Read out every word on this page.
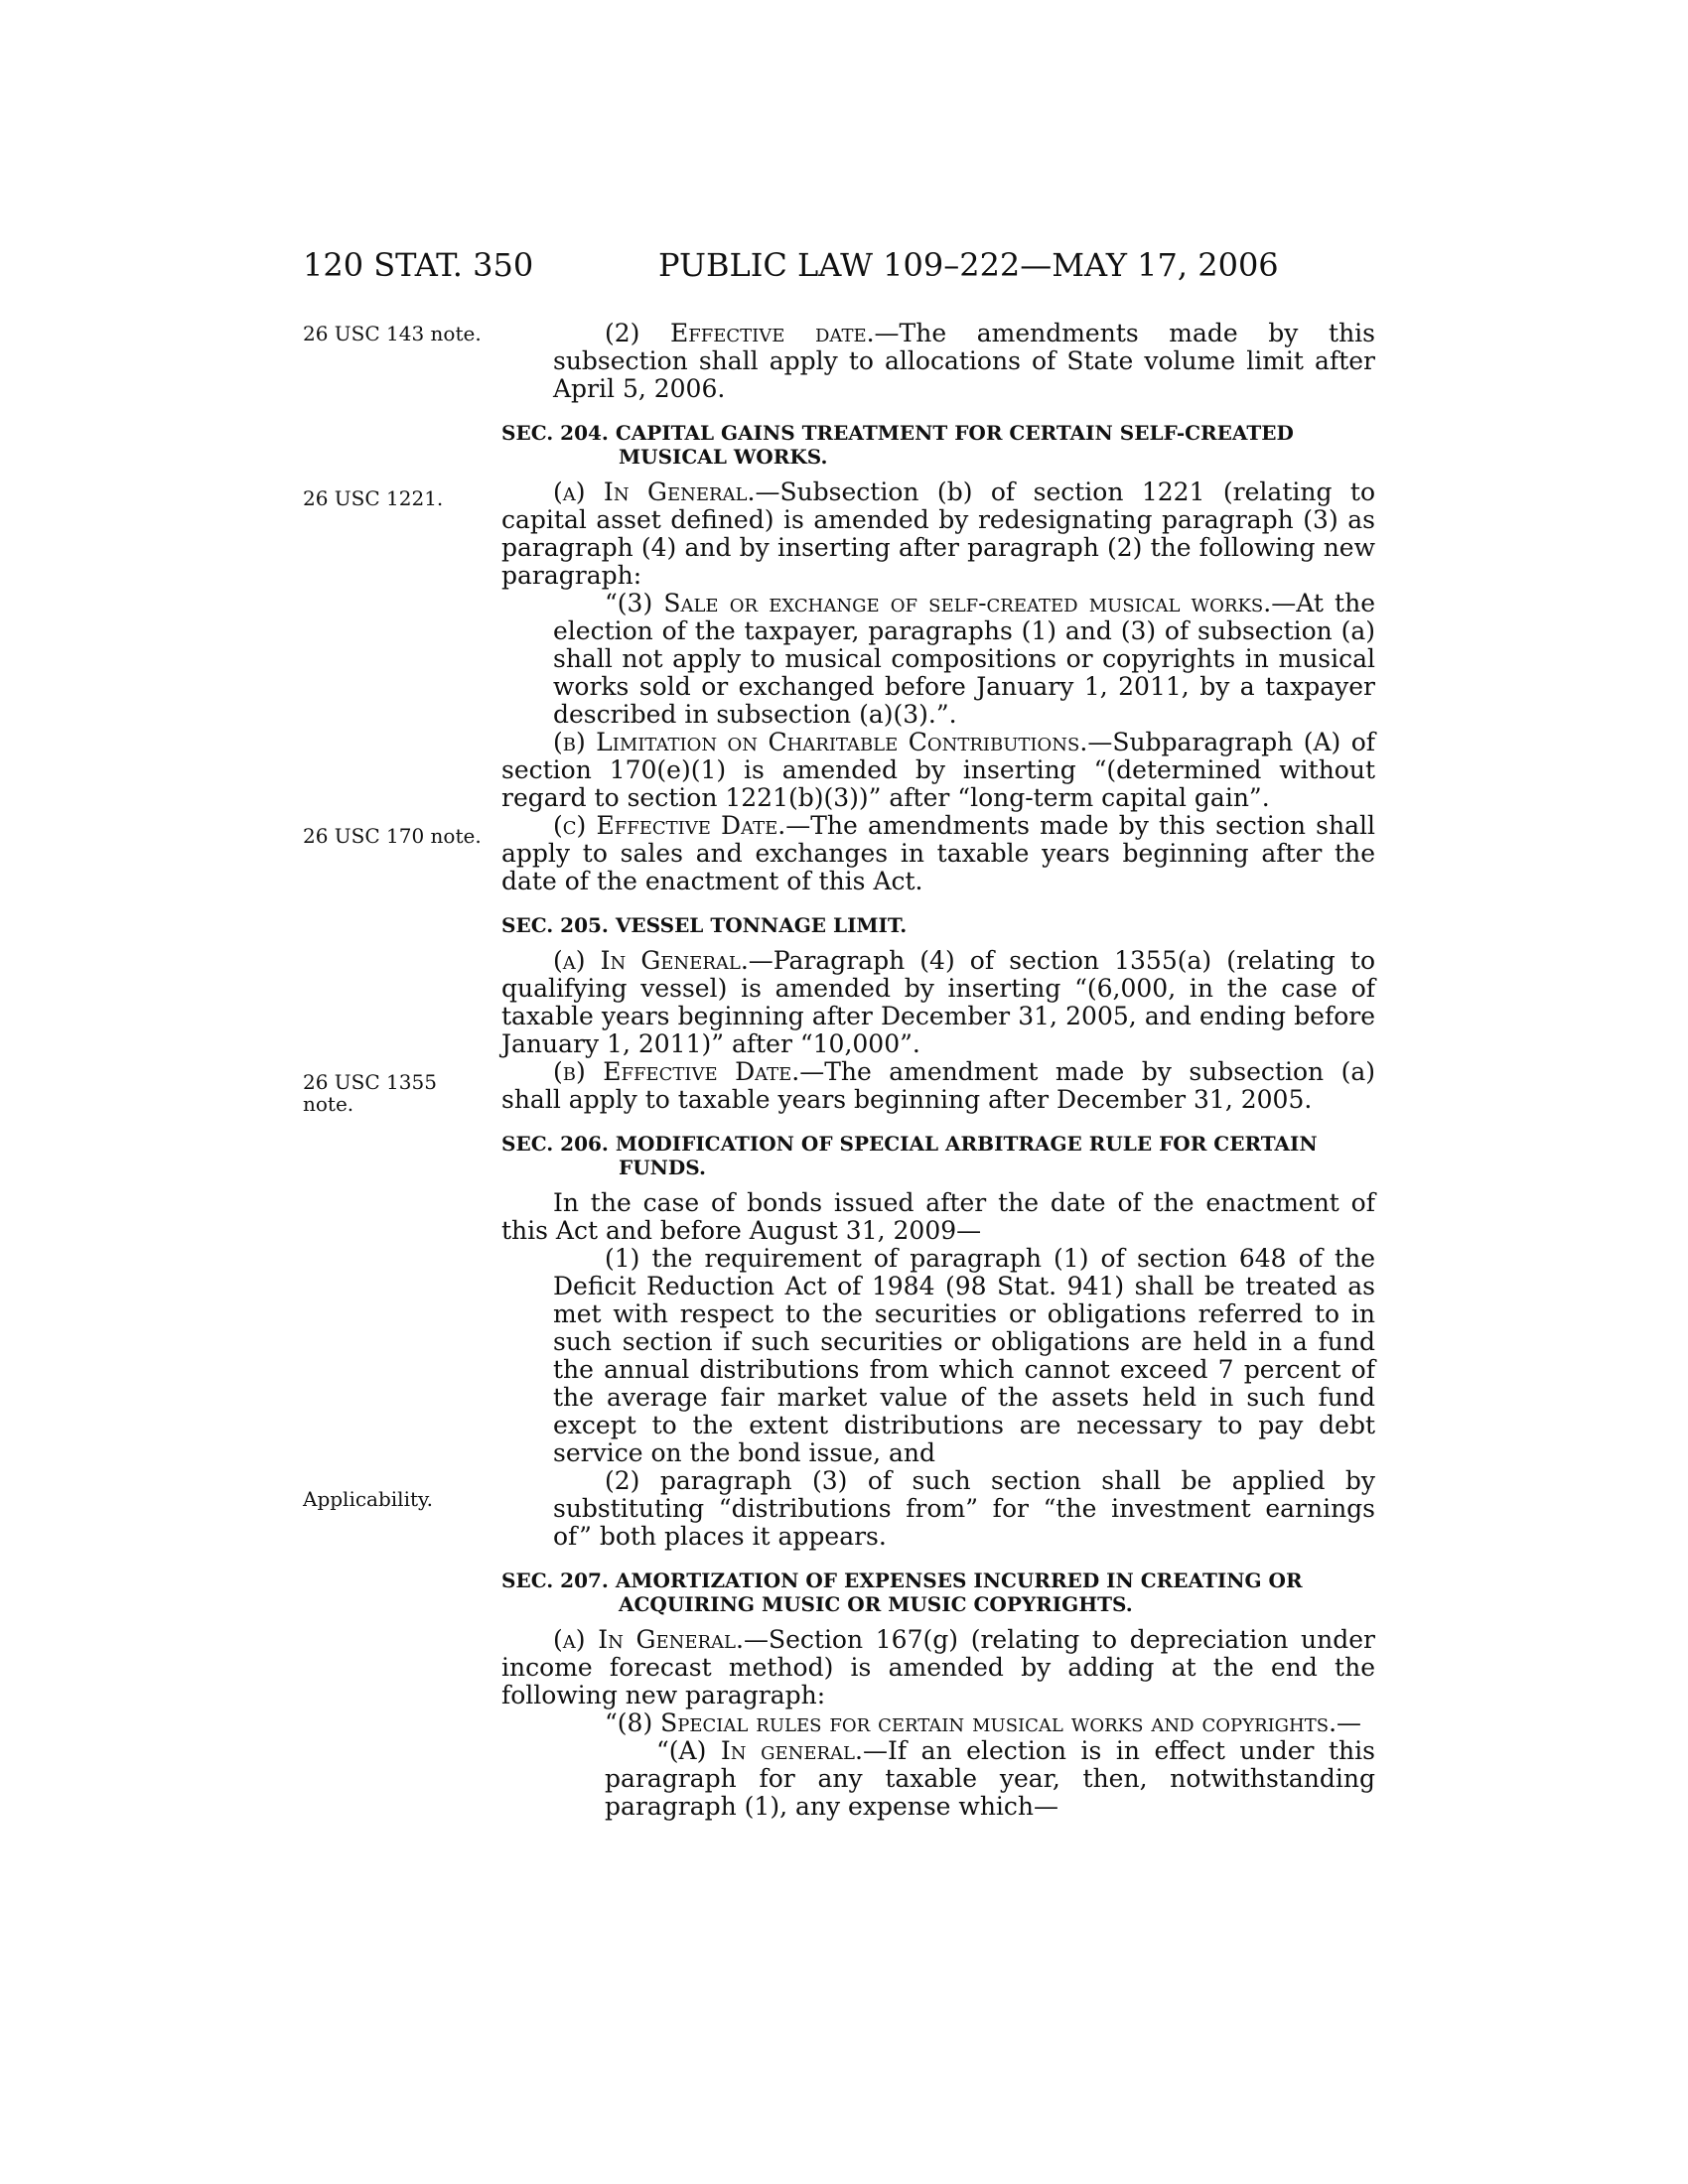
120 STAT. 350	PUBLIC LAW 109–222—MAY 17, 2006
26 USC 143 note.
26 USC 1221.
26 USC 170 note.
26 USC 1355
note.
Applicability.

(2) Effective date.—The amendments made by this subsection shall apply to allocations of State volume limit after April 5, 2006.

SEC. 204. CAPITAL GAINS TREATMENT FOR CERTAIN SELF-CREATED MUSICAL WORKS.

(a) In General.—Subsection (b) of section 1221 (relating to capital asset defined) is amended by redesignating paragraph (3) as paragraph (4) and by inserting after paragraph (2) the following new paragraph:

“(3) Sale or exchange of self-created musical works.—At the election of the taxpayer, paragraphs (1) and (3) of subsection (a) shall not apply to musical compositions or copyrights in musical works sold or exchanged before January 1, 2011, by a taxpayer described in subsection (a)(3).”.

(b) Limitation on Charitable Contributions.—Subparagraph (A) of section 170(e)(1) is amended by inserting “(determined without regard to section 1221(b)(3))” after “long-term capital gain”.

(c) Effective Date.—The amendments made by this section shall apply to sales and exchanges in taxable years beginning after the date of the enactment of this Act.

SEC. 205. VESSEL TONNAGE LIMIT.

(a) In General.—Paragraph (4) of section 1355(a) (relating to qualifying vessel) is amended by inserting “(6,000, in the case of taxable years beginning after December 31, 2005, and ending before January 1, 2011)” after “10,000”.

(b) Effective Date.—The amendment made by subsection (a) shall apply to taxable years beginning after December 31, 2005.

SEC. 206. MODIFICATION OF SPECIAL ARBITRAGE RULE FOR CERTAIN FUNDS.

In the case of bonds issued after the date of the enactment of this Act and before August 31, 2009—

(1) the requirement of paragraph (1) of section 648 of the Deficit Reduction Act of 1984 (98 Stat. 941) shall be treated as met with respect to the securities or obligations referred to in such section if such securities or obligations are held in a fund the annual distributions from which cannot exceed 7 percent of the average fair market value of the assets held in such fund except to the extent distributions are necessary to pay debt service on the bond issue, and

(2) paragraph (3) of such section shall be applied by substituting “distributions from” for “the investment earnings of” both places it appears.

SEC. 207. AMORTIZATION OF EXPENSES INCURRED IN CREATING OR ACQUIRING MUSIC OR MUSIC COPYRIGHTS.

(a) In General.—Section 167(g) (relating to depreciation under income forecast method) is amended by adding at the end the following new paragraph:

“(8) Special rules for certain musical works and copyrights.—

“(A) In general.—If an election is in effect under this paragraph for any taxable year, then, notwithstanding paragraph (1), any expense which—
